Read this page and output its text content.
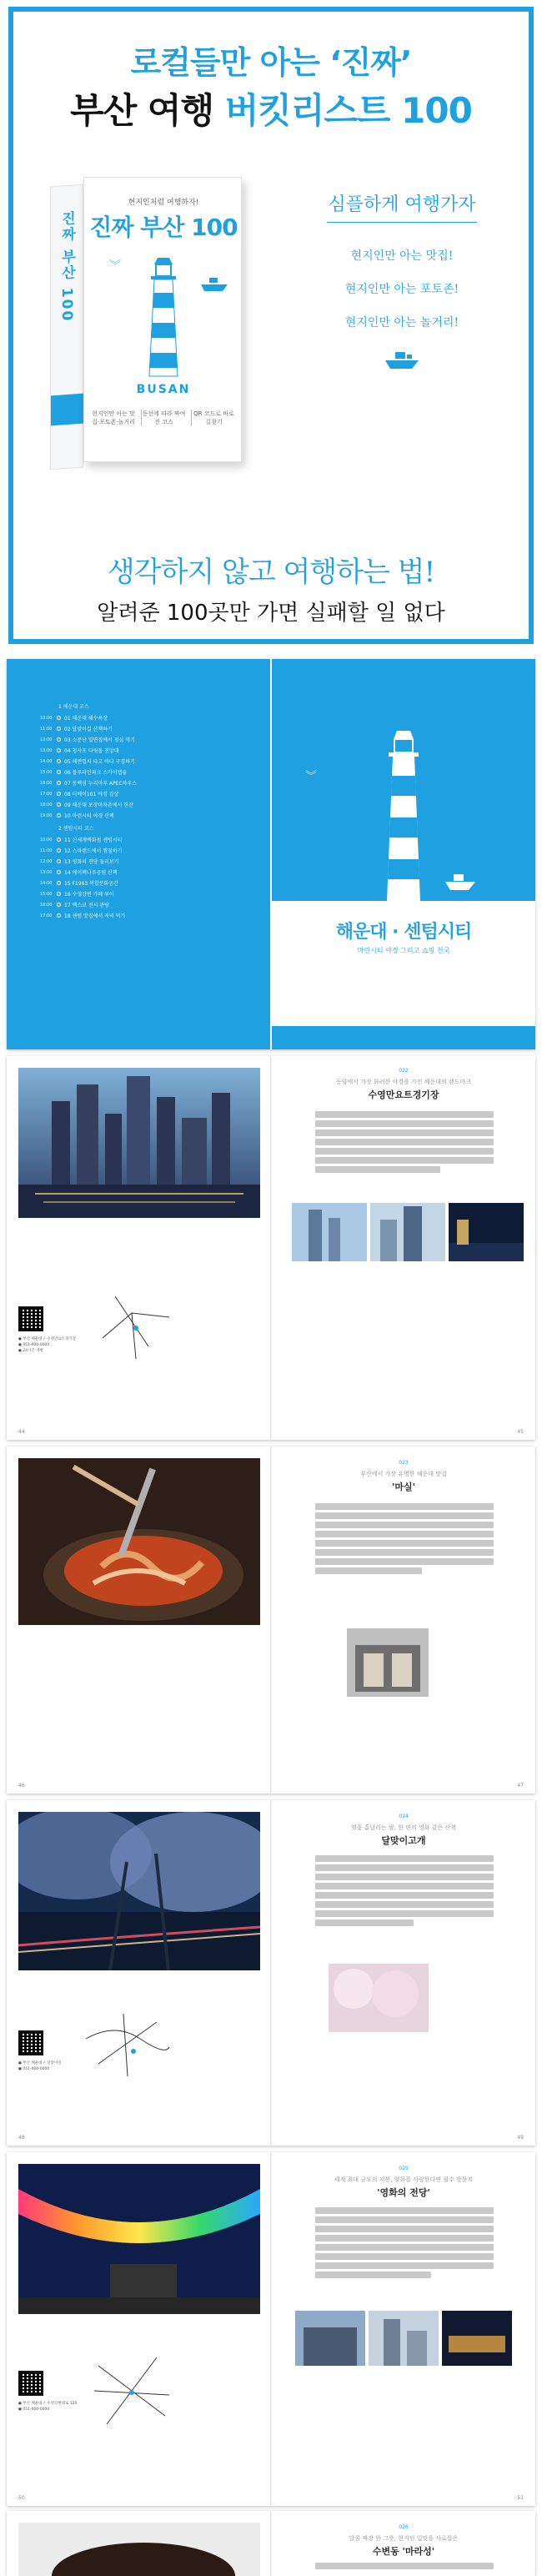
로컬들만 아는 ‘진짜’
부산 여행 버킷리스트 100
진짜 부산 100
현지인처럼 여행하자!
진짜 부산 100
︾
BUSAN
현지인만 아는 맛집·포토존·놀거리
동선에 따라 짜여진 코스
QR 코드로 바로 길찾기
심플하게 여행가자
현지인만 아는 맛집!
현지인만 아는 포토존!
현지인만 아는 놀거리!
생각하지 않고 여행하는 법!
알려준 100곳만 가면 실패할 일 없다
1 해운대 코스
10:00	01 해운대 해수욕장
11:00	02 달맞이길 산책하기
12:00	03 소문난 밀면집에서 점심 먹기
13:00	04 청사포 다릿돌 전망대
14:00	05 해변열차 타고 바다 구경하기
15:00	06 블루라인파크 스카이캡슐
16:00	07 동백섬 누리마루 APEC하우스
17:00	08 더베이101 야경 감상
18:00	09 해운대 포장마차촌에서 한잔
19:00	10 마린시티 야경 산책
2 센텀시티 코스
10:00	11 신세계백화점 센텀시티
11:00	12 스파랜드에서 찜질하기
12:00	13 영화의 전당 둘러보기
13:00	14 에이펙나루공원 산책
14:00	15 F1963 복합문화공간
15:00	16 수영강변 카페 투어
16:00	17 벡스코 전시 관람
17:00	18 센텀 맛집에서 저녁 먹기
︾
해운대 · 센텀시티
마린시티 야경 그리고 쇼핑 천국
● 부산 해운대구 수영만요트경기장
● 051-000-0000
● 24시간 개방
44
022
동양에서 가장 화려한 야경을 가진 해운대의 랜드마크
수영만요트경기장
45
46
023
부산에서 가장 유명한 해운대 맛집
'마실'
47
● 부산 해운대구 달맞이길
● 051-000-0000
48
024
벚꽃 흩날리는 밤, 한 편의 영화 같은 산책
달맞이고개
49
● 부산 해운대구 수영강변대로 120
● 051-000-0000
50
025
세계 최대 규모의 지붕, 영화를 사랑한다면 필수 방문지
'영화의 전당'
51
026
달콤 짜장 한 그릇, 현지인 입맛을 사로잡은
수변동 '마라성'
